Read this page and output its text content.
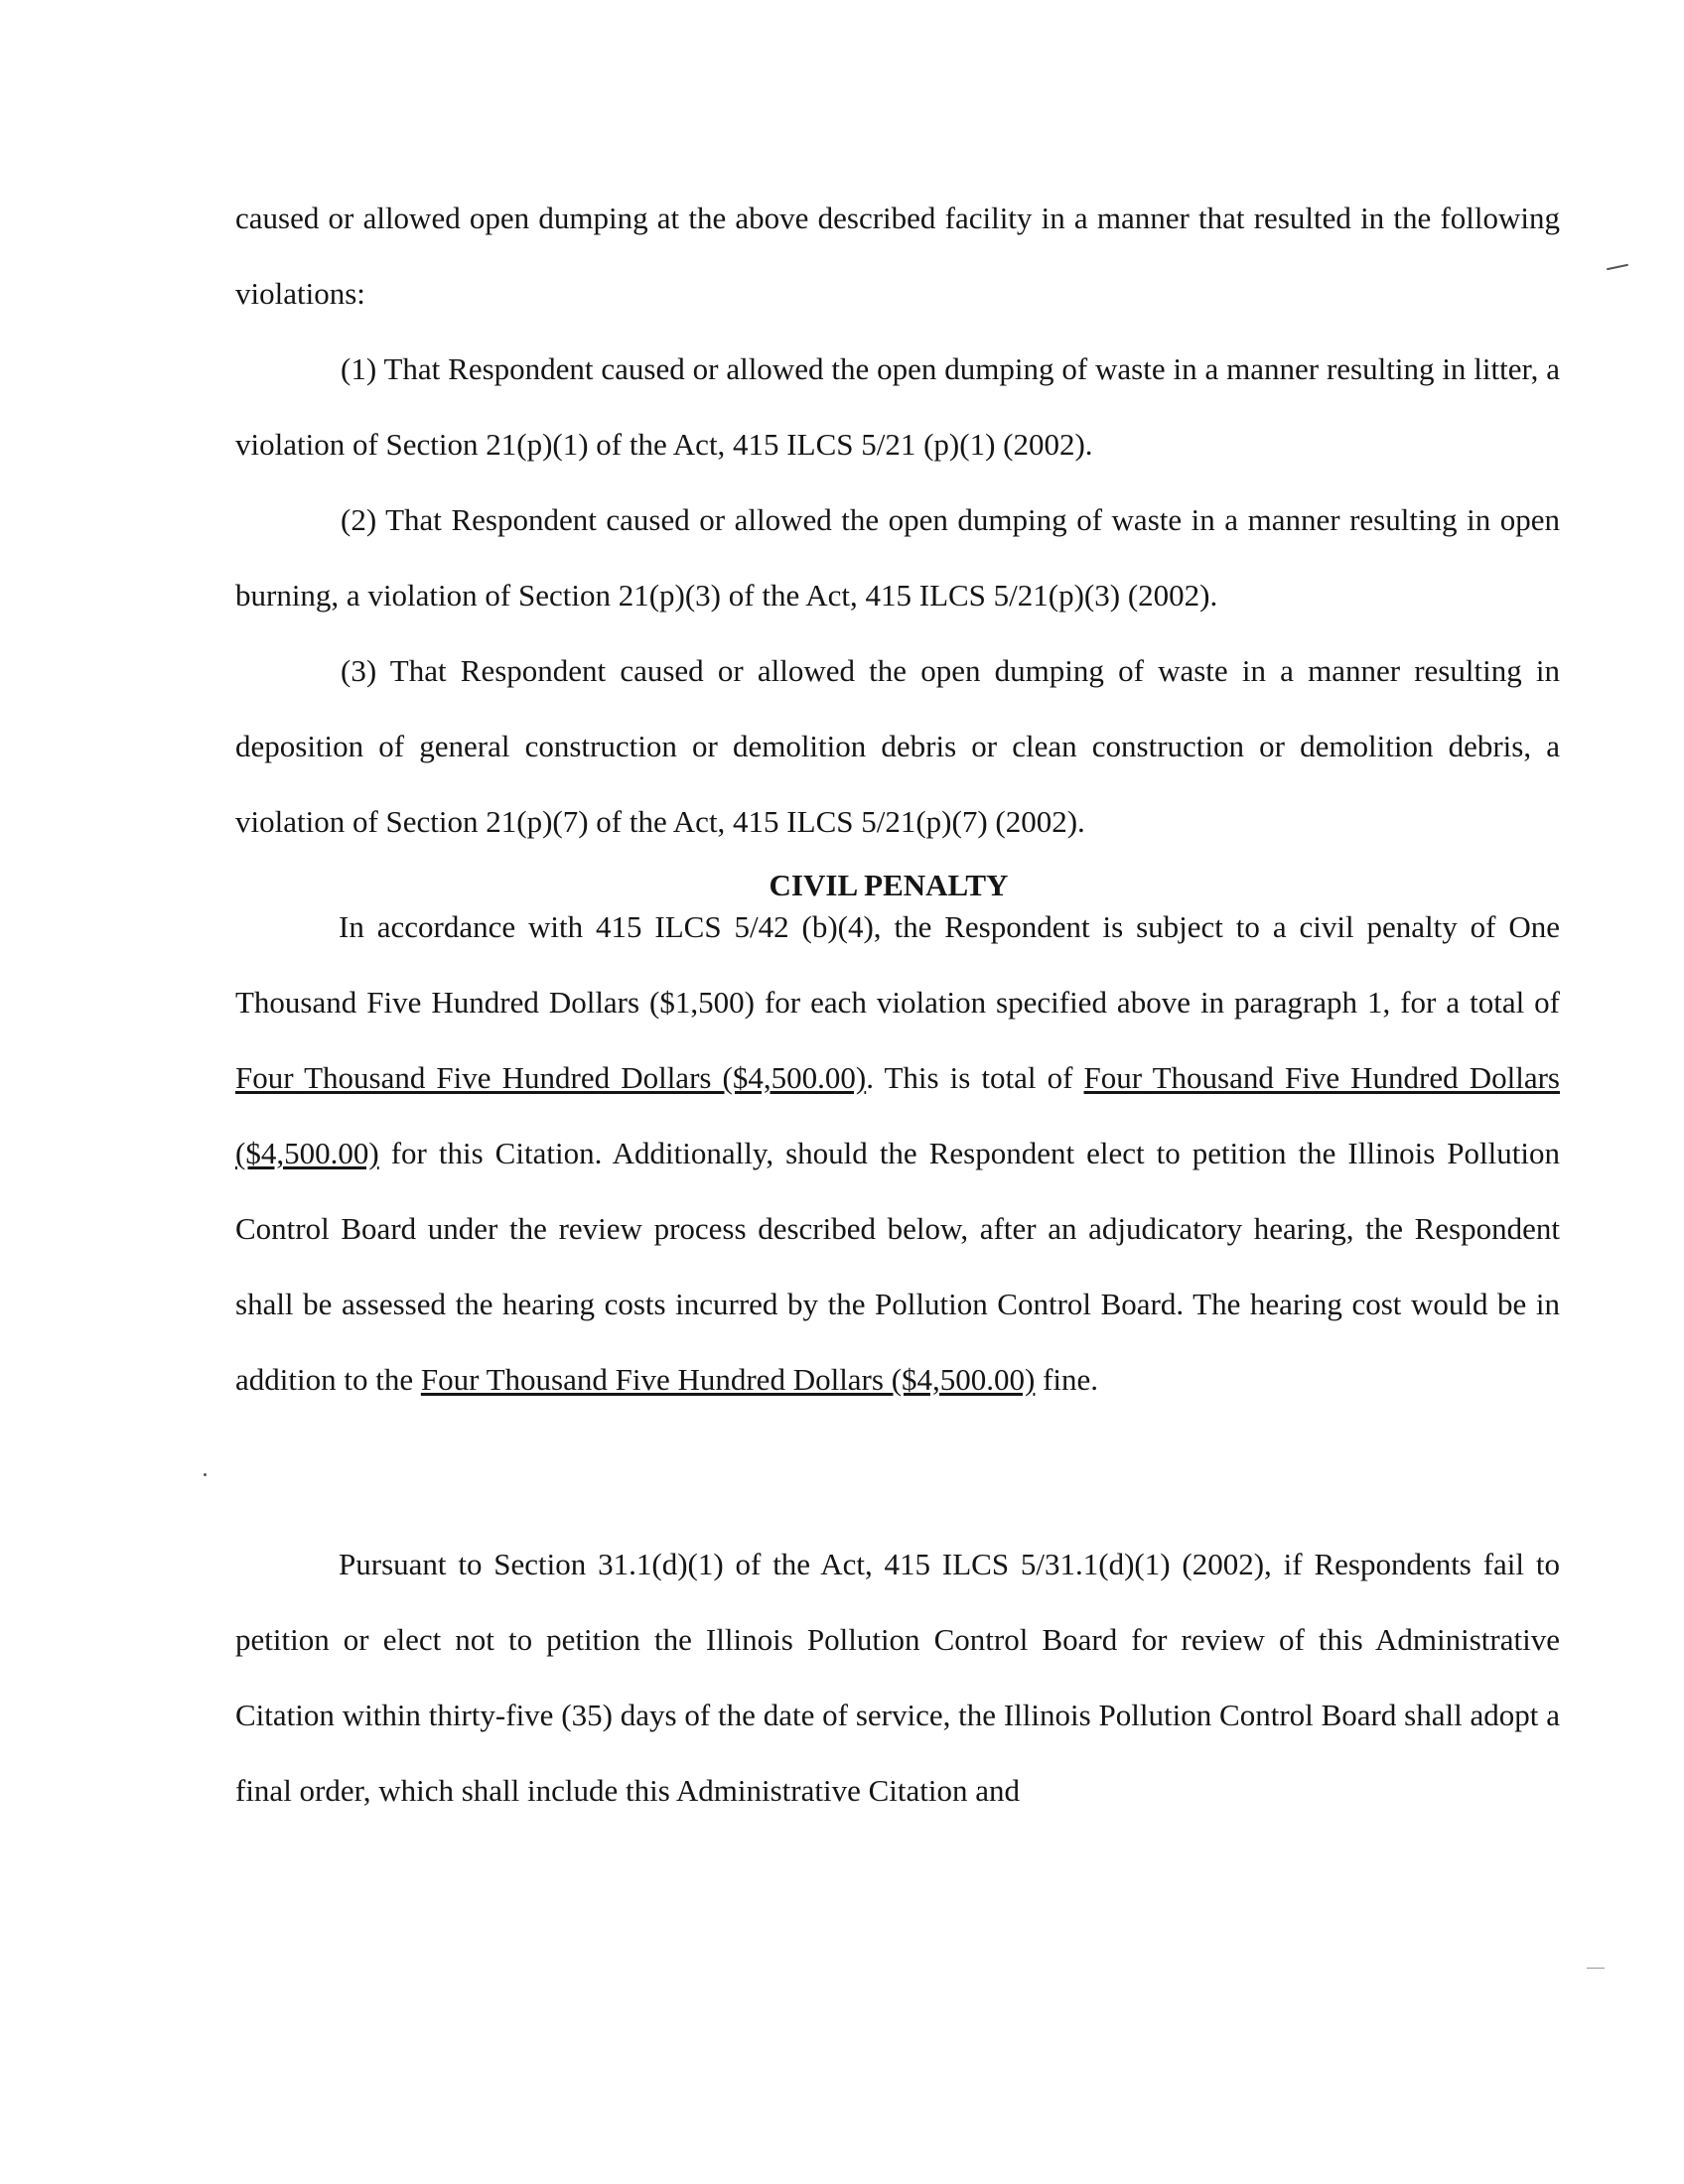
caused or allowed open dumping at the above described facility in a manner that resulted in the following violations:

(1) That Respondent caused or allowed the open dumping of waste in a manner resulting in litter, a violation of Section 21(p)(1) of the Act, 415 ILCS 5/21 (p)(1) (2002).

(2) That Respondent caused or allowed the open dumping of waste in a manner resulting in open burning, a violation of Section 21(p)(3) of the Act, 415 ILCS 5/21(p)(3) (2002).

(3) That Respondent caused or allowed the open dumping of waste in a manner resulting in deposition of general construction or demolition debris or clean construction or demolition debris, a violation of Section 21(p)(7) of the Act, 415 ILCS 5/21(p)(7) (2002).

CIVIL PENALTY

In accordance with 415 ILCS 5/42 (b)(4), the Respondent is subject to a civil penalty of One Thousand Five Hundred Dollars ($1,500) for each violation specified above in paragraph 1, for a total of Four Thousand Five Hundred Dollars ($4,500.00). This is total of Four Thousand Five Hundred Dollars ($4,500.00) for this Citation. Additionally, should the Respondent elect to petition the Illinois Pollution Control Board under the review process described below, after an adjudicatory hearing, the Respondent shall be assessed the hearing costs incurred by the Pollution Control Board. The hearing cost would be in addition to the Four Thousand Five Hundred Dollars ($4,500.00) fine.

Pursuant to Section 31.1(d)(1) of the Act, 415 ILCS 5/31.1(d)(1) (2002), if Respondents fail to petition or elect not to petition the Illinois Pollution Control Board for review of this Administrative Citation within thirty-five (35) days of the date of service, the Illinois Pollution Control Board shall adopt a final order, which shall include this Administrative Citation and
